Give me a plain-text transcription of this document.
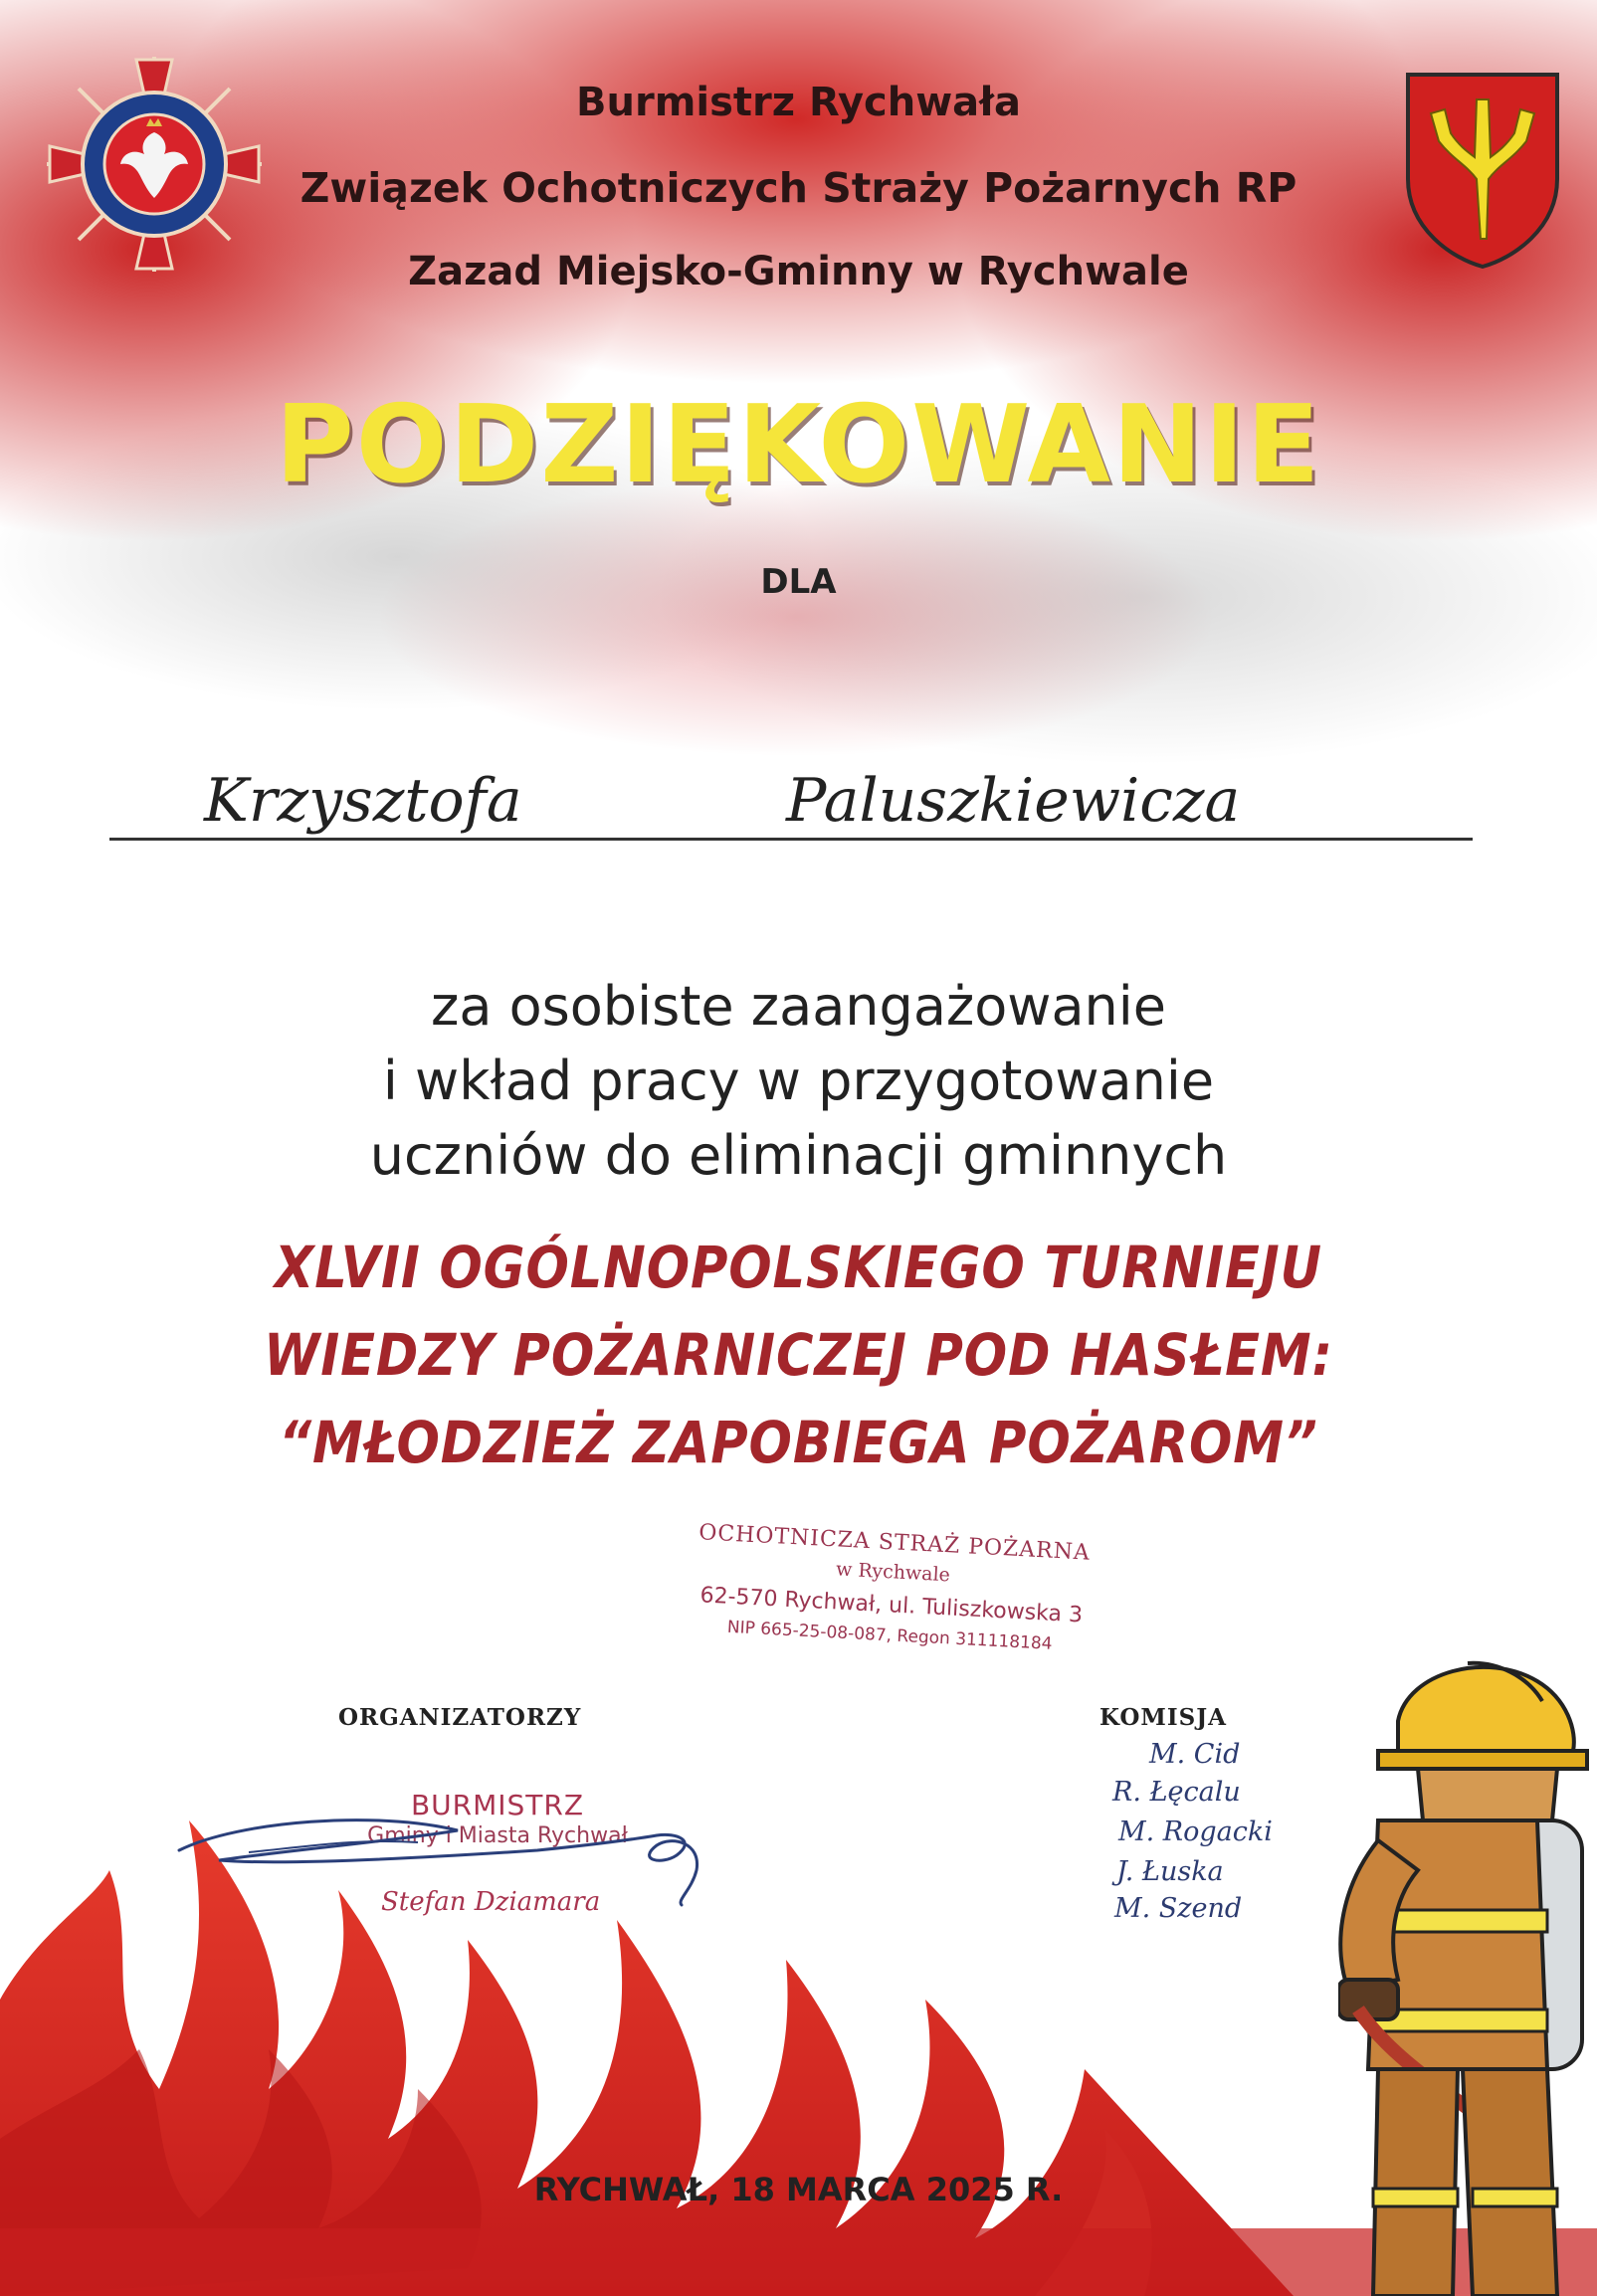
Burmistrz Rychwała
Związek Ochotniczych Straży Pożarnych RP
Zazad Miejsko-Gminny w Rychwale
PODZIĘKOWANIE
DLA
Krzysztofa	Paluszkiewicza
za osobiste zaangażowanie
i wkład pracy w przygotowanie
uczniów do eliminacji gminnych
XLVII OGÓLNOPOLSKIEGO TURNIEJU
WIEDZY POŻARNICZEJ POD HASŁEM:
“MŁODZIEŻ ZAPOBIEGA POŻAROM”
OCHOTNICZA STRAŻ POŻARNA
w Rychwale
62-570 Rychwał, ul. Tuliszkowska 3
NIP 665-25-08-087, Regon 311118184
ORGANIZATORZY	KOMISJA
BURMISTRZ
Gminy i Miasta Rychwał
Stefan Dziamara
M. Cid
R. Łęcalu
M. Rogacki
J. Łuska
M. Szend
RYCHWAŁ, 18 MARCA 2025 R.
